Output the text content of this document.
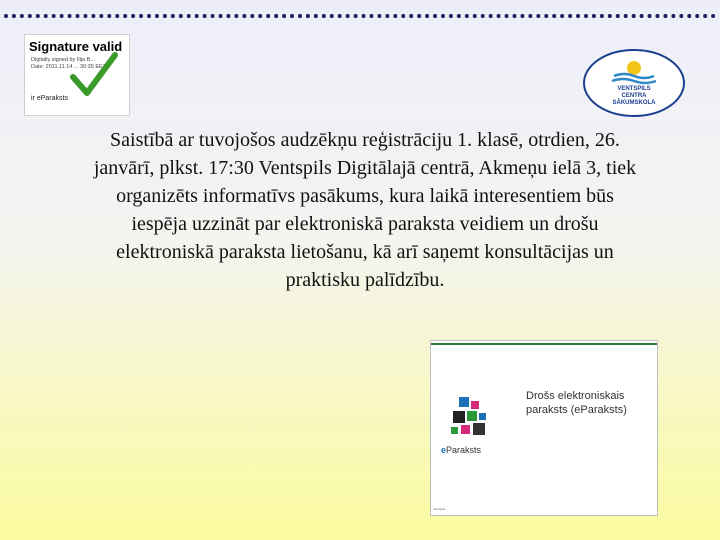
Signature valid
Digitally signed by Ilija B...
Date: 2011.11.14 ... 30:35 EET
ir eParaksts
VENTSPILS
CENTRA
SĀKUMSKOLA

Saistībā ar tuvojošos audzēkņu reģistrāciju 1. klasē, otrdien, 26. janvārī, plkst. 17:30 Ventspils Digitālajā centrā, Akmeņu ielā 3, tiek organizēts informatīvs pasākums, kura laikā interesentiem būs iespēja uzzināt par elektroniskā paraksta veidiem un drošu elektroniskā paraksta lietošanu, kā arī saņemt konsultācijas un praktisku palīdzību.

Drošs elektroniskais
paraksts (eParaksts)
eParaksts
Ventspils, ...
